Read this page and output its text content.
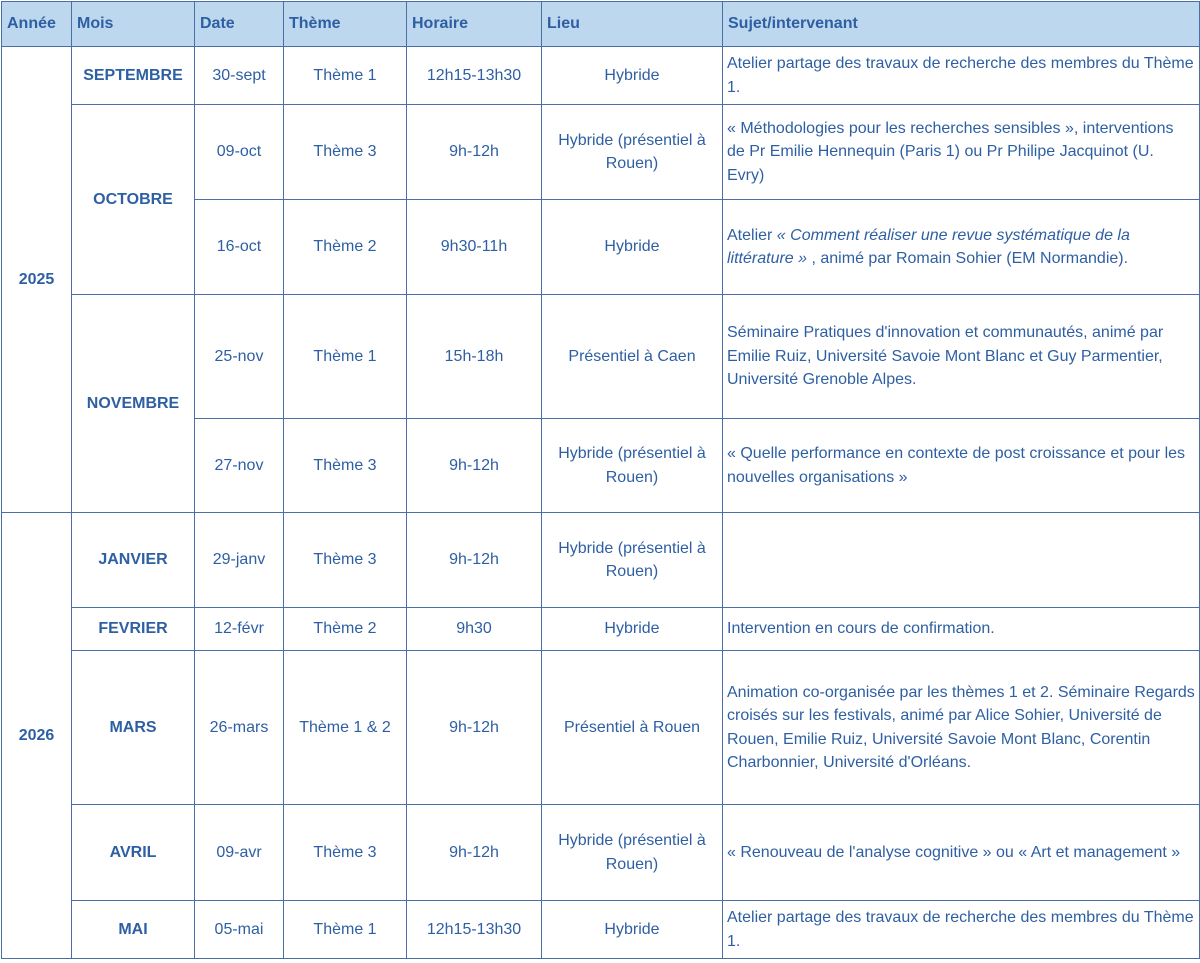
Année	Mois	Date	Thème	Horaire	Lieu	Sujet/intervenant
2025	SEPTEMBRE	30-sept	Thème 1	12h15-13h30	Hybride	Atelier partage des travaux de recherche des membres du Thème 1.
	OCTOBRE	09-oct	Thème 3	9h-12h	Hybride (présentiel à Rouen)	« Méthodologies pour les recherches sensibles », interventions de Pr Emilie Hennequin (Paris 1) ou Pr Philipe Jacquinot (U. Evry)
		16-oct	Thème 2	9h30-11h	Hybride	Atelier « Comment réaliser une revue systématique de la littérature » , animé par Romain Sohier (EM Normandie).
	NOVEMBRE	25-nov	Thème 1	15h-18h	Présentiel à Caen	Séminaire Pratiques d'innovation et communautés, animé par Emilie Ruiz, Université Savoie Mont Blanc et Guy Parmentier, Université Grenoble Alpes.
		27-nov	Thème 3	9h-12h	Hybride (présentiel à Rouen)	« Quelle performance en contexte de post croissance et pour les nouvelles organisations »
2026	JANVIER	29-janv	Thème 3	9h-12h	Hybride (présentiel à Rouen)	
	FEVRIER	12-févr	Thème 2	9h30	Hybride	Intervention en cours de confirmation.
	MARS	26-mars	Thème 1 & 2	9h-12h	Présentiel à Rouen	Animation co-organisée par les thèmes 1 et 2. Séminaire Regards croisés sur les festivals, animé par Alice Sohier, Université de Rouen, Emilie Ruiz, Université Savoie Mont Blanc, Corentin Charbonnier, Université d'Orléans.
	AVRIL	09-avr	Thème 3	9h-12h	Hybride (présentiel à Rouen)	« Renouveau de l'analyse cognitive » ou « Art et management »
	MAI	05-mai	Thème 1	12h15-13h30	Hybride	Atelier partage des travaux de recherche des membres du Thème 1.
